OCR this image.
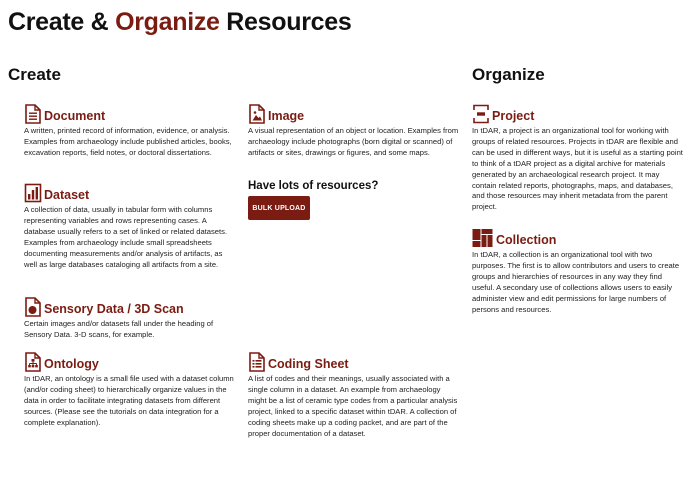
Create & Organize Resources
Create	Organize
Document
A written, printed record of information, evidence, or analysis. Examples from archaeology include published articles, books, excavation reports, field notes, or doctoral dissertations.
Dataset
A collection of data, usually in tabular form with columns representing variables and rows representing cases. A database usually refers to a set of linked or related datasets. Examples from archaeology include small spreadsheets documenting measurements and/or analysis of artifacts, as well as large databases cataloging all artifacts from a site.
Sensory Data / 3D Scan
Certain images and/or datasets fall under the heading of Sensory Data. 3-D scans, for example.
Ontology
In tDAR, an ontology is a small file used with a dataset column (and/or coding sheet) to hierarchically organize values in the data in order to facilitate integrating datasets from different sources. (Please see the tutorials on data integration for a complete explanation).
Image
A visual representation of an object or location. Examples from archaeology include photographs (born digital or scanned) of artifacts or sites, drawings or figures, and some maps.
Have lots of resources?
BULK UPLOAD
Coding Sheet
A list of codes and their meanings, usually associated with a single column in a dataset. An example from archaeology might be a list of ceramic type codes from a particular analysis project, linked to a specific dataset within tDAR. A collection of coding sheets make up a coding packet, and are part of the proper documentation of a dataset.
Project
In tDAR, a project is an organizational tool for working with groups of related resources. Projects in tDAR are flexible and can be used in different ways, but it is useful as a starting point to think of a tDAR project as a digital archive for materials generated by an archaeological research project. It may contain related reports, photographs, maps, and databases, and those resources may inherit metadata from the parent project.
Collection
In tDAR, a collection is an organizational tool with two purposes. The first is to allow contributors and users to create groups and hierarchies of resources in any way they find useful. A secondary use of collections allows users to easily administer view and edit permissions for large numbers of persons and resources.
